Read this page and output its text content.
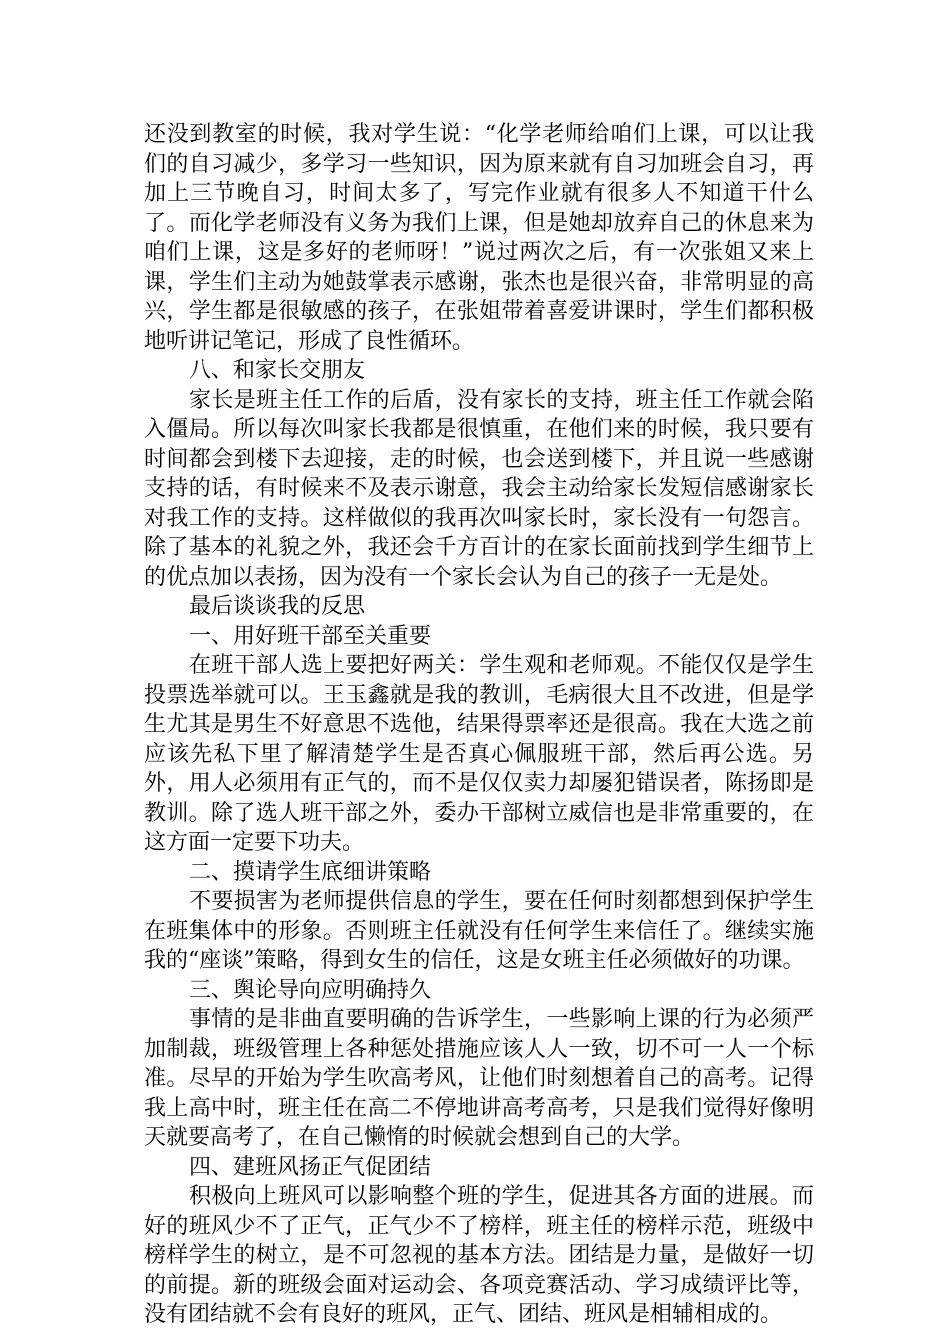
还没到教室的时候，我对学生说：“化学老师给咱们上课，可以让我们的自习减少，多学习一些知识，因为原来就有自习加班会自习，再加上三节晚自习，时间太多了，写完作业就有很多人不知道干什么了。而化学老师没有义务为我们上课，但是她却放弃自己的休息来为咱们上课，这是多好的老师呀！”说过两次之后，有一次张姐又来上课，学生们主动为她鼓掌表示感谢，张杰也是很兴奋，非常明显的高兴，学生都是很敏感的孩子，在张姐带着喜爱讲课时，学生们都积极地听讲记笔记，形成了良性循环。

八、和家长交朋友

家长是班主任工作的后盾，没有家长的支持，班主任工作就会陷入僵局。所以每次叫家长我都是很慎重，在他们来的时候，我只要有时间都会到楼下去迎接，走的时候，也会送到楼下，并且说一些感谢支持的话，有时候来不及表示谢意，我会主动给家长发短信感谢家长对我工作的支持。这样做似的我再次叫家长时，家长没有一句怨言。除了基本的礼貌之外，我还会千方百计的在家长面前找到学生细节上的优点加以表扬，因为没有一个家长会认为自己的孩子一无是处。

最后谈谈我的反思

一、用好班干部至关重要

在班干部人选上要把好两关：学生观和老师观。不能仅仅是学生投票选举就可以。王玉鑫就是我的教训，毛病很大且不改进，但是学生尤其是男生不好意思不选他，结果得票率还是很高。我在大选之前应该先私下里了解清楚学生是否真心佩服班干部，然后再公选。另外，用人必须用有正气的，而不是仅仅卖力却屡犯错误者，陈扬即是教训。除了选人班干部之外，委办干部树立威信也是非常重要的，在这方面一定要下功夫。

二、摸请学生底细讲策略

不要损害为老师提供信息的学生，要在任何时刻都想到保护学生在班集体中的形象。否则班主任就没有任何学生来信任了。继续实施我的“座谈”策略，得到女生的信任，这是女班主任必须做好的功课。

三、舆论导向应明确持久

事情的是非曲直要明确的告诉学生，一些影响上课的行为必须严加制裁，班级管理上各种惩处措施应该人人一致，切不可一人一个标准。尽早的开始为学生吹高考风，让他们时刻想着自己的高考。记得我上高中时，班主任在高二不停地讲高考高考，只是我们觉得好像明天就要高考了，在自己懒惰的时候就会想到自己的大学。

四、建班风扬正气促团结

积极向上班风可以影响整个班的学生，促进其各方面的进展。而好的班风少不了正气，正气少不了榜样，班主任的榜样示范，班级中榜样学生的树立，是不可忽视的基本方法。团结是力量，是做好一切的前提。新的班级会面对运动会、各项竞赛活动、学习成绩评比等，没有团结就不会有良好的班风，正气、团结、班风是相辅相成的。
